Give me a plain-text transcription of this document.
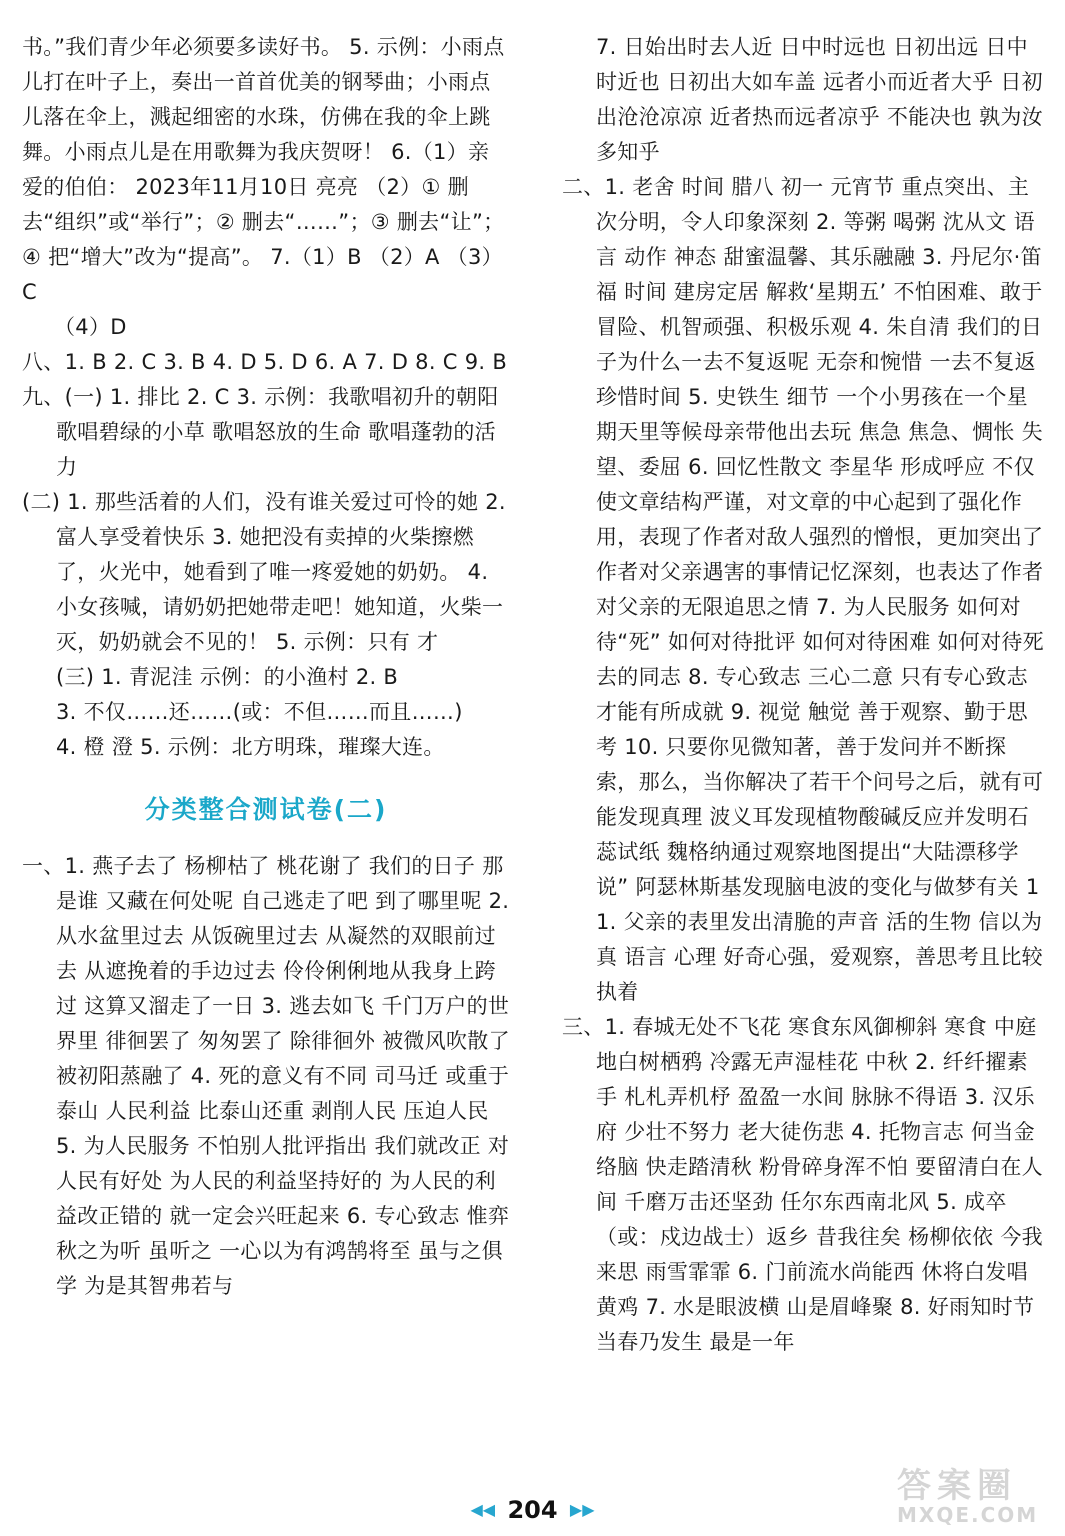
书。”我们青少年必须要多读好书。 5. 示例：小雨点儿打在叶子上，奏出一首首优美的钢琴曲；小雨点儿落在伞上，溅起细密的水珠，仿佛在我的伞上跳舞。小雨点儿是在用歌舞为我庆贺呀！ 6.（1）亲爱的伯伯： 2023年11月10日 亮亮 （2）① 删去“组织”或“举行”；② 删去“……”；③ 删去“让”；④ 把“增大”改为“提高”。 7.（1）B （2）A （3）C

（4）D

八、1. B 2. C 3. B 4. D 5. D 6. A 7. D 8. C 9. B

九、(一) 1. 排比 2. C 3. 示例：我歌唱初升的朝阳 歌唱碧绿的小草 歌唱怒放的生命 歌唱蓬勃的活力

(二) 1. 那些活着的人们，没有谁关爱过可怜的她 2. 富人享受着快乐 3. 她把没有卖掉的火柴擦燃了，火光中，她看到了唯一疼爱她的奶奶。 4. 小女孩喊，请奶奶把她带走吧！她知道，火柴一灭，奶奶就会不见的！ 5. 示例：只有 才

(三) 1. 青泥洼 示例：的小渔村 2. B

3. 不仅……还……(或：不但……而且……)

4. 橙 澄 5. 示例：北方明珠，璀璨大连。

分类整合测试卷(二)

一、1. 燕子去了 杨柳枯了 桃花谢了 我们的日子 那是谁 又藏在何处呢 自己逃走了吧 到了哪里呢 2. 从水盆里过去 从饭碗里过去 从凝然的双眼前过去 从遮挽着的手边过去 伶伶俐俐地从我身上跨过 这算又溜走了一日 3. 逃去如飞 千门万户的世界里 徘徊罢了 匆匆罢了 除徘徊外 被微风吹散了 被初阳蒸融了 4. 死的意义有不同 司马迁 或重于泰山 人民利益 比泰山还重 剥削人民 压迫人民 5. 为人民服务 不怕别人批评指出 我们就改正 对人民有好处 为人民的利益坚持好的 为人民的利益改正错的 就一定会兴旺起来 6. 专心致志 惟弈秋之为听 虽听之 一心以为有鸿鹄将至 虽与之俱学 为是其智弗若与

7. 日始出时去人近 日中时远也 日初出远 日中时近也 日初出大如车盖 远者小而近者大乎 日初出沧沧凉凉 近者热而远者凉乎 不能决也 孰为汝多知乎

二、1. 老舍 时间 腊八 初一 元宵节 重点突出、主次分明，令人印象深刻 2. 等粥 喝粥 沈从文 语言 动作 神态 甜蜜温馨、其乐融融 3. 丹尼尔·笛福 时间 建房定居 解救‘星期五’ 不怕困难、敢于冒险、机智顽强、积极乐观 4. 朱自清 我们的日子为什么一去不复返呢 无奈和惋惜 一去不复返 珍惜时间 5. 史铁生 细节 一个小男孩在一个星期天里等候母亲带他出去玩 焦急 焦急、惆怅 失望、委屈 6. 回忆性散文 李星华 形成呼应 不仅使文章结构严谨，对文章的中心起到了强化作用，表现了作者对敌人强烈的憎恨，更加突出了作者对父亲遇害的事情记忆深刻，也表达了作者对父亲的无限追思之情 7. 为人民服务 如何对待“死” 如何对待批评 如何对待困难 如何对待死去的同志 8. 专心致志 三心二意 只有专心致志才能有所成就 9. 视觉 触觉 善于观察、勤于思考 10. 只要你见微知著，善于发问并不断探索，那么，当你解决了若干个问号之后，就有可能发现真理 波义耳发现植物酸碱反应并发明石蕊试纸 魏格纳通过观察地图提出“大陆漂移学说” 阿瑟林斯基发现脑电波的变化与做梦有关 11. 父亲的表里发出清脆的声音 活的生物 信以为真 语言 心理 好奇心强，爱观察，善思考且比较执着

三、1. 春城无处不飞花 寒食东风御柳斜 寒食 中庭地白树栖鸦 冷露无声湿桂花 中秋 2. 纤纤擢素手 札札弄机杼 盈盈一水间 脉脉不得语 3. 汉乐府 少壮不努力 老大徒伤悲 4. 托物言志 何当金络脑 快走踏清秋 粉骨碎身浑不怕 要留清白在人间 千磨万击还坚劲 任尔东西南北风 5. 成卒（或：戍边战士）返乡 昔我往矣 杨柳依依 今我来思 雨雪霏霏 6. 门前流水尚能西 休将白发唱黄鸡 7. 水是眼波横 山是眉峰聚 8. 好雨知时节 当春乃发生 最是一年

◀◀ 204 ▶▶
答案圈
MXQE.COM
